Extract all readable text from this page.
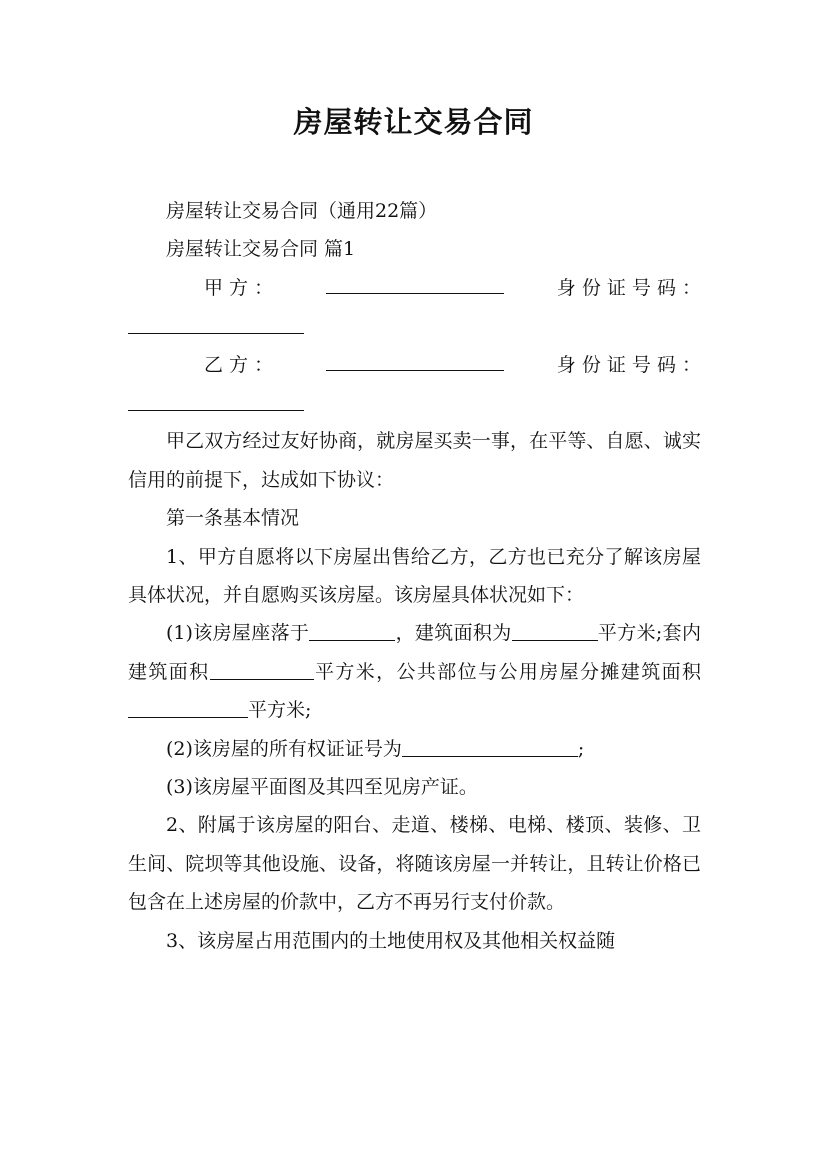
房屋转让交易合同

房屋转让交易合同（通用22篇）

房屋转让交易合同 篇1

甲 方 ：	身 份 证 号 码 ：
乙 方 ：	身 份 证 号 码 ：

甲乙双方经过友好协商，就房屋买卖一事，在平等、自愿、诚实信用的前提下，达成如下协议：

第一条基本情况

1、甲方自愿将以下房屋出售给乙方，乙方也已充分了解该房屋具体状况，并自愿购买该房屋。该房屋具体状况如下：

(1)该房屋座落于	，建筑面积为	平方米;套内建筑面积	平方米，公共部位与公用房屋分摊建筑面积平方米;

(2)该房屋的所有权证证号为	;

(3)该房屋平面图及其四至见房产证。

2、附属于该房屋的阳台、走道、楼梯、电梯、楼顶、装修、卫生间、院坝等其他设施、设备，将随该房屋一并转让，且转让价格已包含在上述房屋的价款中，乙方不再另行支付价款。

3、该房屋占用范围内的土地使用权及其他相关权益随
